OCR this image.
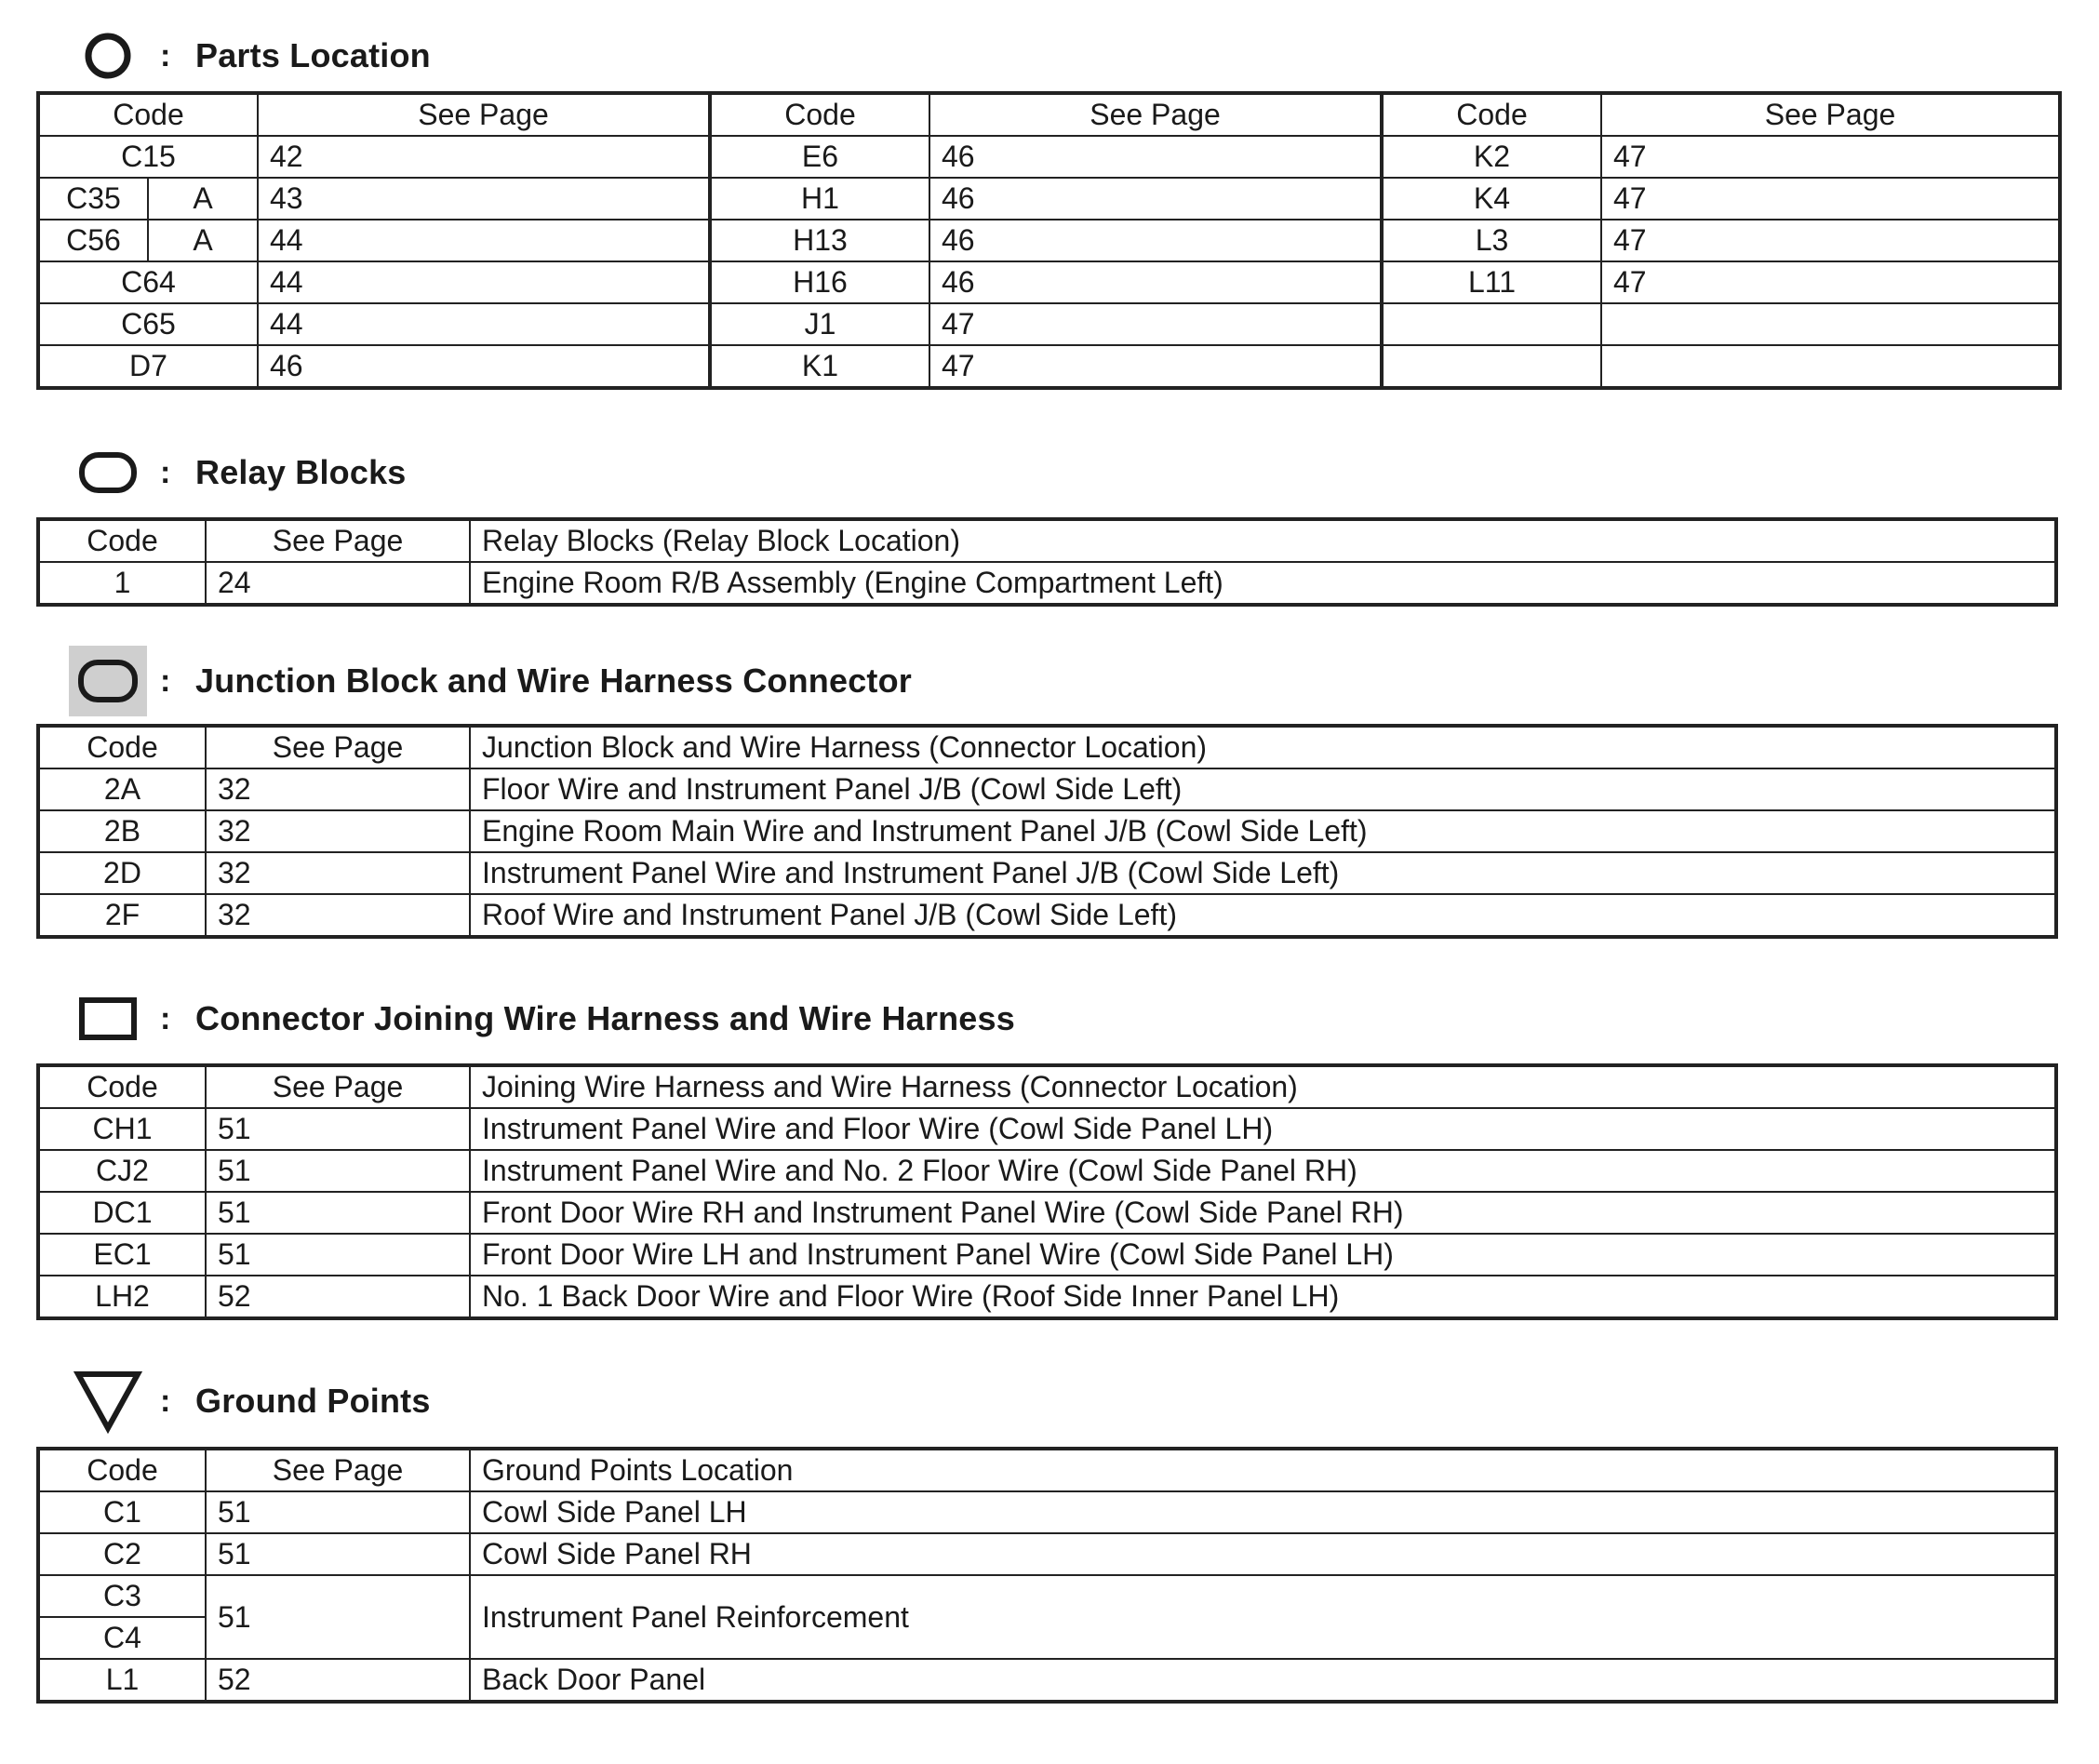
: Parts Location
Code		See Page	Code	See Page	Code	See Page
C15		42	E6	46	K2	47
C35	A	43	H1	46	K4	47
C56	A	44	H13	46	L3	47
C64		44	H16	46	L11	47
C65		44	J1	47		
D7		46	K1	47		
: Relay Blocks
Code	See Page	Relay Blocks (Relay Block Location)
1	24	Engine Room R/B Assembly (Engine Compartment Left)
: Junction Block and Wire Harness Connector
Code	See Page	Junction Block and Wire Harness (Connector Location)
2A	32	Floor Wire and Instrument Panel J/B (Cowl Side Left)
2B	32	Engine Room Main Wire and Instrument Panel J/B (Cowl Side Left)
2D	32	Instrument Panel Wire and Instrument Panel J/B (Cowl Side Left)
2F	32	Roof Wire and Instrument Panel J/B (Cowl Side Left)
: Connector Joining Wire Harness and Wire Harness
Code	See Page	Joining Wire Harness and Wire Harness (Connector Location)
CH1	51	Instrument Panel Wire and Floor Wire (Cowl Side Panel LH)
CJ2	51	Instrument Panel Wire and No. 2 Floor Wire (Cowl Side Panel RH)
DC1	51	Front Door Wire RH and Instrument Panel Wire (Cowl Side Panel RH)
EC1	51	Front Door Wire LH and Instrument Panel Wire (Cowl Side Panel LH)
LH2	52	No. 1 Back Door Wire and Floor Wire (Roof Side Inner Panel LH)
: Ground Points
Code	See Page	Ground Points Location
C1	51	Cowl Side Panel LH
C2	51	Cowl Side Panel RH
C3	51	Instrument Panel Reinforcement
C4		
L1	52	Back Door Panel
